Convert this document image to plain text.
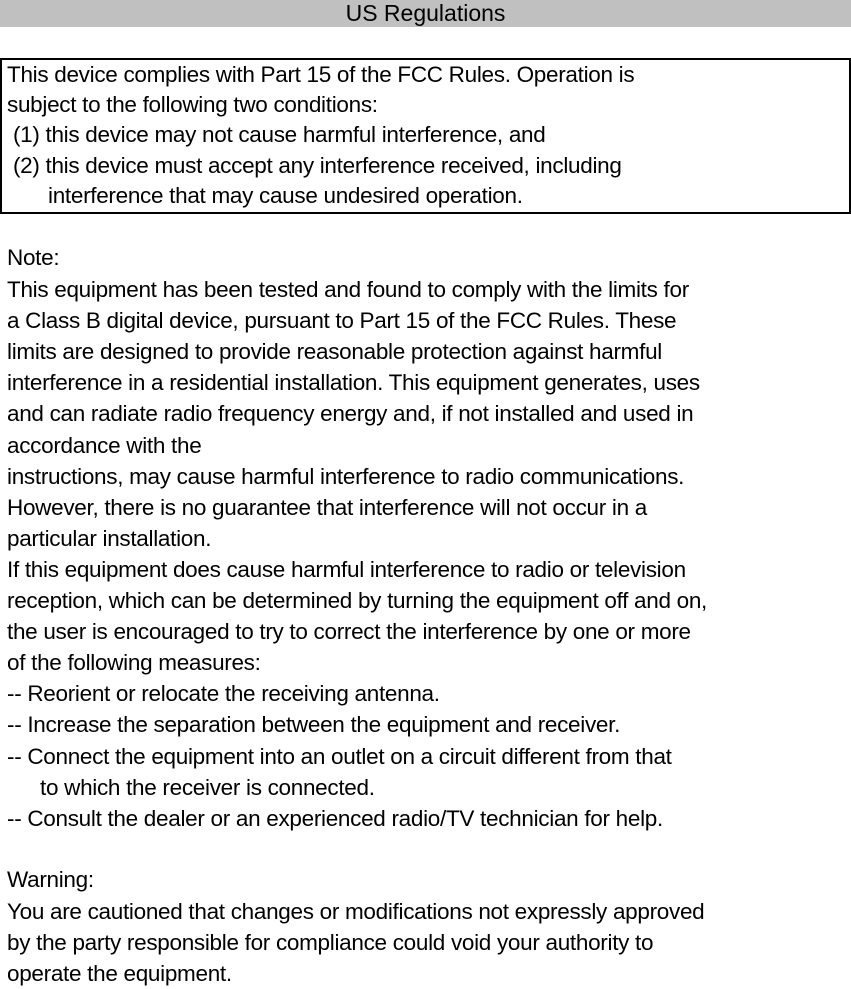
US Regulations
This device complies with Part 15 of the FCC Rules. Operation is
subject to the following two conditions:
(1) this device may not cause harmful interference, and
(2) this device must accept any interference received, including
interference that may cause undesired operation.
Note:
This equipment has been tested and found to comply with the limits for
a Class B digital device, pursuant to Part 15 of the FCC Rules. These
limits are designed to provide reasonable protection against harmful
interference in a residential installation. This equipment generates, uses
and can radiate radio frequency energy and, if not installed and used in
accordance with the
instructions, may cause harmful interference to radio communications.
However, there is no guarantee that interference will not occur in a
particular installation.
If this equipment does cause harmful interference to radio or television
reception, which can be determined by turning the equipment off and on,
the user is encouraged to try to correct the interference by one or more
of the following measures:
-- Reorient or relocate the receiving antenna.
-- Increase the separation between the equipment and receiver.
-- Connect the equipment into an outlet on a circuit different from that
to which the receiver is connected.
-- Consult the dealer or an experienced radio/TV technician for help.
Warning:
You are cautioned that changes or modifications not expressly approved
by the party responsible for compliance could void your authority to
operate the equipment.
